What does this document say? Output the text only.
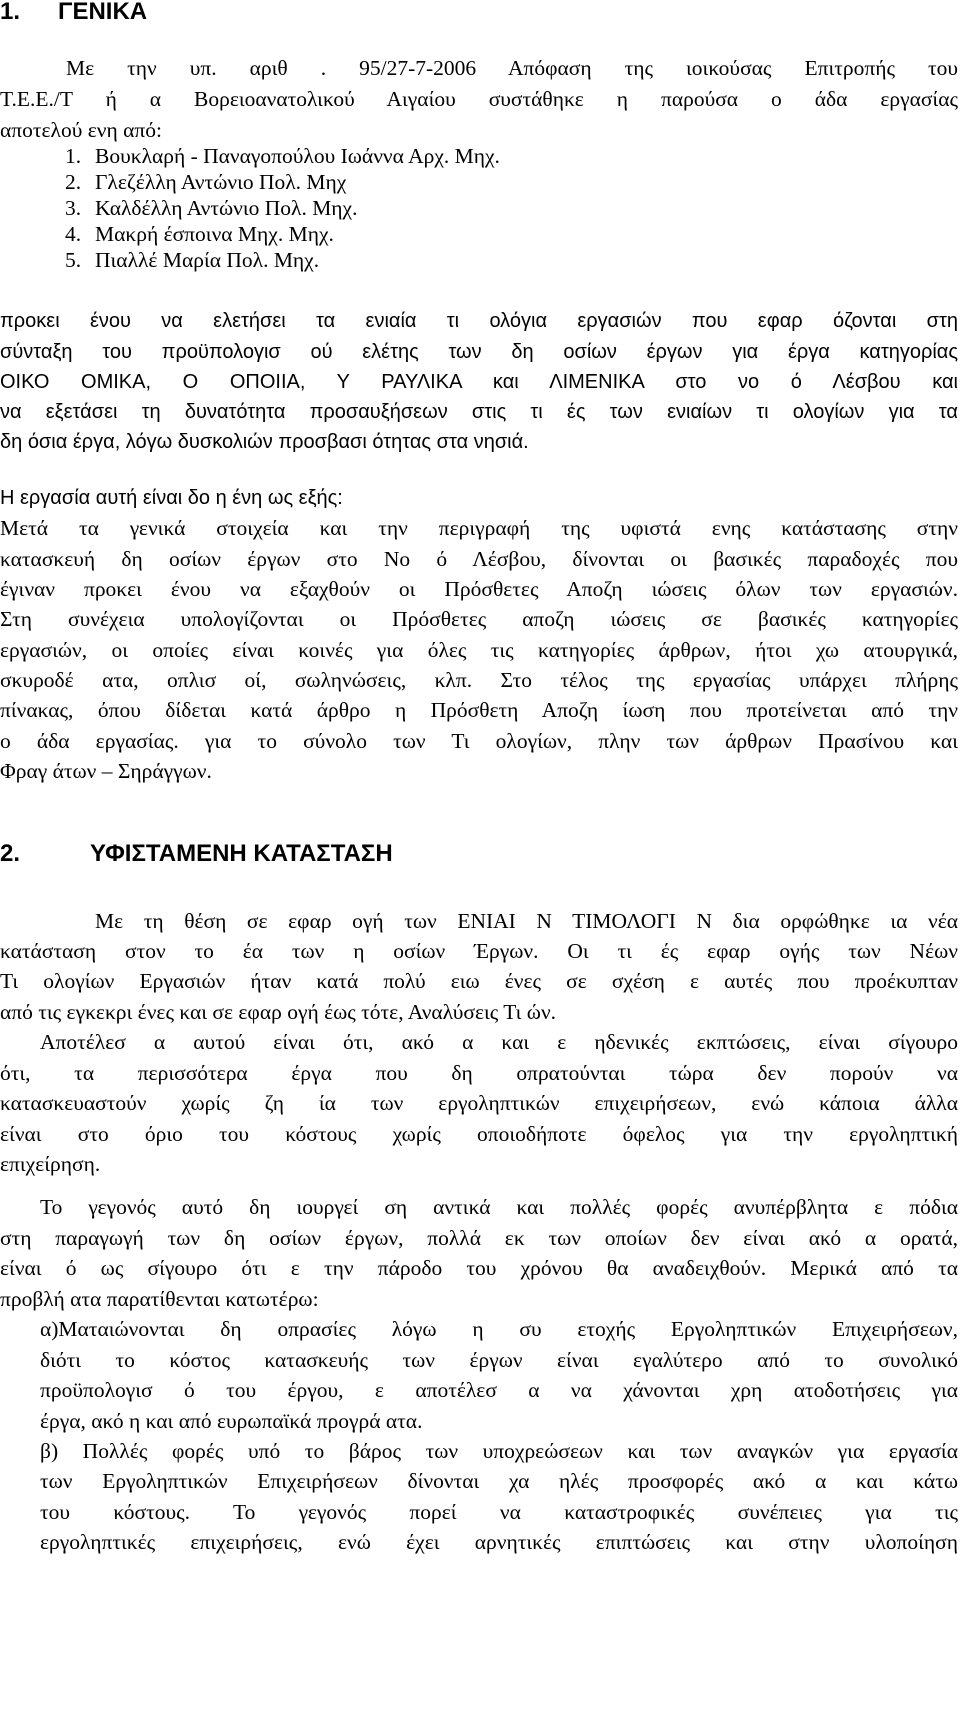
1. ΓΕΝΙΚΑ
Με την υπ. αριθ . 95/27-7-2006 Απόφαση της ιοικούσας Επιτροπής του
Τ.Ε.Ε./Τ ή α Βορειοανατολικού Αιγαίου συστάθηκε η παρούσα ο άδα εργασίας
αποτελού ενη από:
1. Βουκλαρή - Παναγοπούλου Ιωάννα Αρχ. Μηχ.
2. Γλεζέλλη Αντώνιο Πολ. Μηχ
3. Καλδέλλη Αντώνιο Πολ. Μηχ.
4. Μακρή έσποινα Μηχ. Μηχ.
5. Πιαλλέ Μαρία Πολ. Μηχ.
προκει ένου να ελετήσει τα ενιαία τι ολόγια εργασιών που εφαρ όζονται στη
σύνταξη του προϋπολογισ ού ελέτης των δη οσίων έργων για έργα κατηγορίας
ΟΙΚΟ ΟΜΙΚΑ, Ο ΟΠΟΙΙΑ, Υ ΡΑΥΛΙΚΑ και ΛΙΜΕΝΙΚΑ στο νο ό Λέσβου και
να εξετάσει τη δυνατότητα προσαυξήσεων στις τι ές των ενιαίων τι ολογίων για τα
δη όσια έργα, λόγω δυσκολιών προσβασι ότητας στα νησιά.
Η εργασία αυτή είναι δο η ένη ως εξής:
Μετά τα γενικά στοιχεία και την περιγραφή της υφιστά ενης κατάστασης στην
κατασκευή δη οσίων έργων στο Νο ό Λέσβου, δίνονται οι βασικές παραδοχές που
έγιναν προκει ένου να εξαχθούν οι Πρόσθετες Αποζη ιώσεις όλων των εργασιών.
Στη συνέχεια υπολογίζονται οι Πρόσθετες αποζη ιώσεις σε βασικές κατηγορίες
εργασιών, οι οποίες είναι κοινές για όλες τις κατηγορίες άρθρων, ήτοι χω ατουργικά,
σκυροδέ ατα, οπλισ οί, σωληνώσεις, κλπ. Στο τέλος της εργασίας υπάρχει πλήρης
πίνακας, όπου δίδεται κατά άρθρο η Πρόσθετη Αποζη ίωση που προτείνεται από την
ο άδα εργασίας. για το σύνολο των Τι ολογίων, πλην των άρθρων Πρασίνου και
Φραγ άτων – Σηράγγων.
2.	ΥΦΙΣΤΑΜΕΝΗ ΚΑΤΑΣΤΑΣΗ
Με τη θέση σε εφαρ ογή των ΕΝΙΑΙ Ν ΤΙΜΟΛΟΓΙ Ν δια ορφώθηκε ια νέα
κατάσταση στον το έα των η οσίων Έργων. Οι τι ές εφαρ ογής των Νέων
Τι ολογίων Εργασιών ήταν κατά πολύ ειω ένες σε σχέση ε αυτές που προέκυπταν
από τις εγκεκρι ένες και σε εφαρ ογή έως τότε, Αναλύσεις Τι ών.
Αποτέλεσ α αυτού είναι ότι, ακό α και ε ηδενικές εκπτώσεις, είναι σίγουρο
ότι, τα περισσότερα έργα που δη οπρατούνται τώρα δεν πορούν να
κατασκευαστούν χωρίς ζη ία των εργοληπτικών επιχειρήσεων, ενώ κάποια άλλα
είναι στο όριο του κόστους χωρίς οποιοδήποτε όφελος για την εργοληπτική
επιχείρηση.
Το γεγονός αυτό δη ιουργεί ση αντικά και πολλές φορές ανυπέρβλητα ε πόδια
στη παραγωγή των δη οσίων έργων, πολλά εκ των οποίων δεν είναι ακό α ορατά,
είναι ό ως σίγουρο ότι ε την πάροδο του χρόνου θα αναδειχθούν. Μερικά από τα
προβλή ατα παρατίθενται κατωτέρω:
α)Ματαιώνονται δη οπρασίες λόγω η συ ετοχής Εργοληπτικών Επιχειρήσεων,
διότι το κόστος κατασκευής των έργων είναι εγαλύτερο από το συνολικό
προϋπολογισ ό του έργου, ε αποτέλεσ α να χάνονται χρη ατοδοτήσεις για
έργα, ακό η και από ευρωπαϊκά προγρά ατα.
β) Πολλές φορές υπό το βάρος των υποχρεώσεων και των αναγκών για εργασία
των Εργοληπτικών Επιχειρήσεων δίνονται χα ηλές προσφορές ακό α και κάτω
του κόστους. Το γεγονός πορεί να καταστροφικές συνέπειες για τις
εργοληπτικές επιχειρήσεις, ενώ έχει αρνητικές επιπτώσεις και στην υλοποίηση
